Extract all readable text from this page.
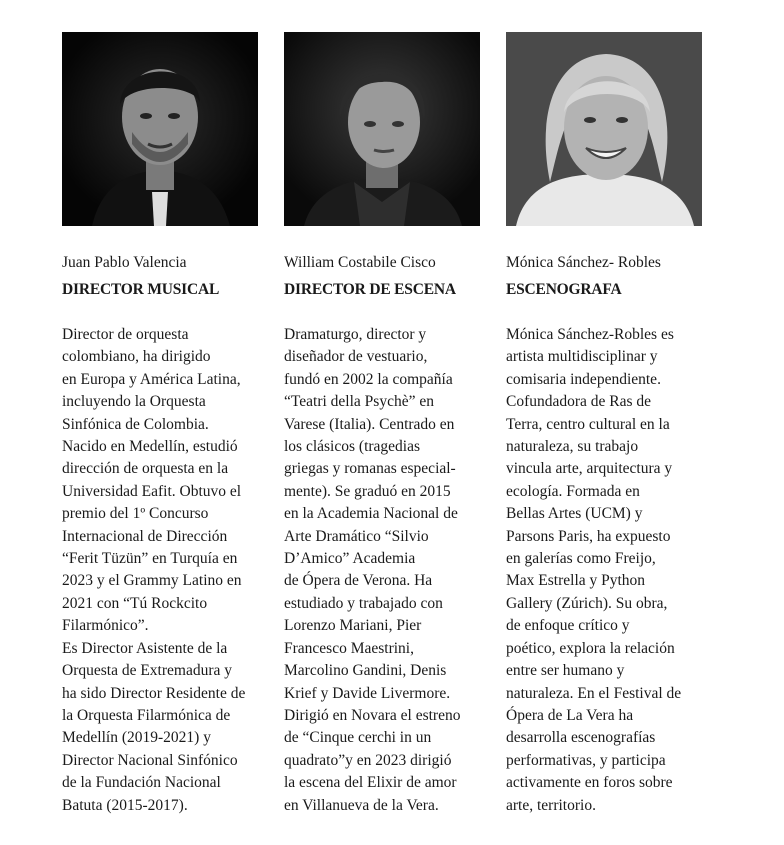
Juan Pablo Valencia
DIRECTOR MUSICAL
Director de orquesta
colombiano, ha dirigido
en Europa y América Latina,
incluyendo la Orquesta
Sinfónica de Colombia.
Nacido en Medellín, estudió
dirección de orquesta en la
Universidad Eafit. Obtuvo el
premio del 1º Concurso
Internacional de Dirección
“Ferit Tüzün” en Turquía en
2023 y el Grammy Latino en
2021 con “Tú Rockcito
Filarmónico”.
Es Director Asistente de la
Orquesta de Extremadura y
ha sido Director Residente de
la Orquesta Filarmónica de
Medellín (2019-2021) y
Director Nacional Sinfónico
de la Fundación Nacional
Batuta (2015-2017).
William Costabile Cisco
DIRECTOR DE ESCENA
Dramaturgo, director y
diseñador de vestuario,
fundó en 2002 la compañía
“Teatri della Psychè” en
Varese (Italia). Centrado en
los clásicos (tragedias
griegas y romanas especial-
mente). Se graduó en 2015
en la Academia Nacional de
Arte Dramático “Silvio
D’Amico” Academia
de Ópera de Verona. Ha
estudiado y trabajado con
Lorenzo Mariani, Pier
Francesco Maestrini,
Marcolino Gandini, Denis
Krief y Davide Livermore.
Dirigió en Novara el estreno
de “Cinque cerchi in un
quadrato”y en 2023 dirigió
la escena del Elixir de amor
en Villanueva de la Vera.
Mónica Sánchez- Robles
ESCENOGRAFA
Mónica Sánchez-Robles es
artista multidisciplinar y
comisaria independiente.
Cofundadora de Ras de
Terra, centro cultural en la
naturaleza, su trabajo
vincula arte, arquitectura y
ecología. Formada en
Bellas Artes (UCM) y
Parsons Paris, ha expuesto
en galerías como Freijo,
Max Estrella y Python
Gallery (Zúrich). Su obra,
de enfoque crítico y
poético, explora la relación
entre ser humano y
naturaleza. En el Festival de
Ópera de La Vera ha
desarrolla escenografías
performativas, y participa
activamente en foros sobre
arte, territorio.
